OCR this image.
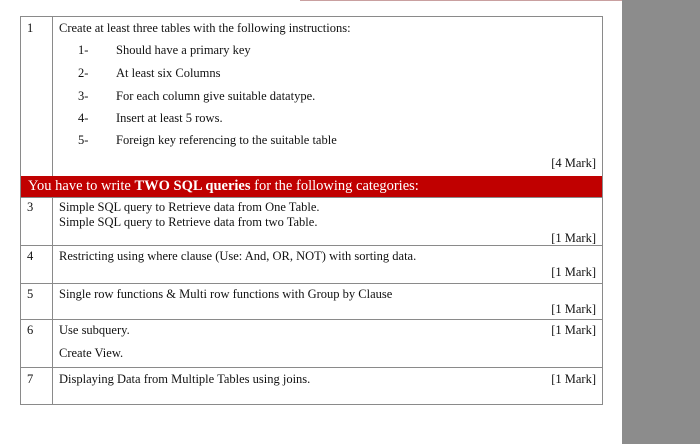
1 Create at least three tables with the following instructions:
1- Should have a primary key
2- At least six Columns
3- For each column give suitable datatype.
4- Insert at least 5 rows.
5- Foreign key referencing to the suitable table
[4 Mark]
You have to write TWO SQL queries for the following categories:
3 Simple SQL query to Retrieve data from One Table.
Simple SQL query to Retrieve data from two Table.
[1 Mark]
4 Restricting using where clause (Use: And, OR, NOT) with sorting data.
[1 Mark]
5 Single row functions & Multi row functions with Group by Clause
[1 Mark]
6 Use subquery.	[1 Mark]
Create View.
7 Displaying Data from Multiple Tables using joins.	[1 Mark]
